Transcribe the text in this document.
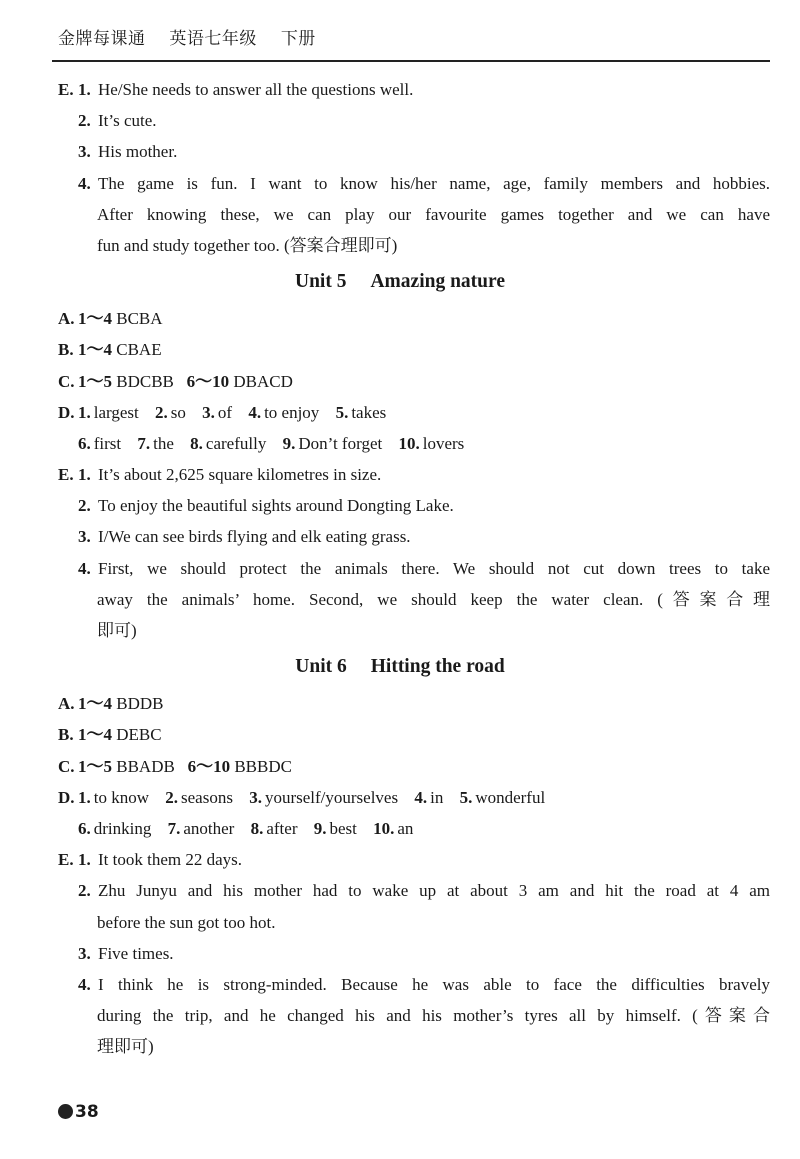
金牌每课通 英语七年级 下册
E. 1. He/She needs to answer all the questions well.
2. It’s cute.
3. His mother.
4. The game is fun. I want to know his/her name, age, family members and hobbies.
After knowing these, we can play our favourite games together and we can have
fun and study together too. (答案合理即可)
Unit 5 Amazing nature
A. 1～4 BCBA
B. 1～4 CBAE
C. 1～5 BDCBB 6～10 DBACD
D. 1. largest 2. so 3. of 4. to enjoy 5. takes
6. first 7. the 8. carefully 9. Don’t forget 10. lovers
E. 1. It’s about 2,625 square kilometres in size.
2. To enjoy the beautiful sights around Dongting Lake.
3. I/We can see birds flying and elk eating grass.
4. First, we should protect the animals there. We should not cut down trees to take
away the animals’ home. Second, we should keep the water clean. (答案合理
即可)
Unit 6 Hitting the road
A. 1～4 BDDB
B. 1～4 DEBC
C. 1～5 BBADB 6～10 BBBDC
D. 1. to know 2. seasons 3. yourself/yourselves 4. in 5. wonderful
6. drinking 7. another 8. after 9. best 10. an
E. 1. It took them 22 days.
2. Zhu Junyu and his mother had to wake up at about 3 am and hit the road at 4 am
before the sun got too hot.
3. Five times.
4. I think he is strong-minded. Because he was able to face the difficulties bravely
during the trip, and he changed his and his mother’s tyres all by himself. (答案合
理即可)
38
